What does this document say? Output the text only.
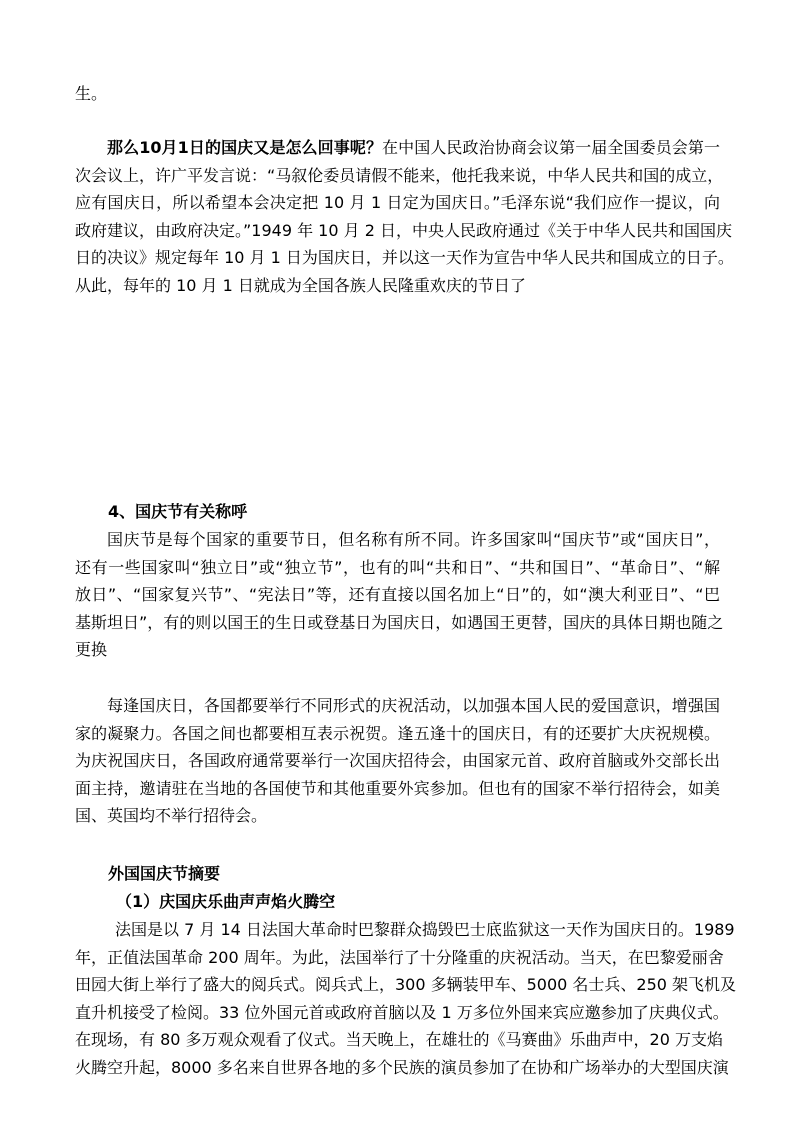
生。
那么10月1日的国庆又是怎么回事呢？在中国人民政治协商会议第一届全国委员会第一
次会议上，许广平发言说：“马叙伦委员请假不能来，他托我来说，中华人民共和国的成立，
应有国庆日，所以希望本会决定把 10 月 1 日定为国庆日。”毛泽东说“我们应作一提议，向
政府建议，由政府决定。”1949 年 10 月 2 日，中央人民政府通过《关于中华人民共和国国庆
日的决议》规定每年 10 月 1 日为国庆日，并以这一天作为宣告中华人民共和国成立的日子。
从此，每年的 10 月 1 日就成为全国各族人民隆重欢庆的节日了
4、国庆节有关称呼
国庆节是每个国家的重要节日，但名称有所不同。许多国家叫“国庆节”或“国庆日”，
还有一些国家叫“独立日”或“独立节”，也有的叫“共和日”、“共和国日”、“革命日”、“解
放日”、“国家复兴节”、“宪法日”等，还有直接以国名加上“日”的，如“澳大利亚日”、“巴
基斯坦日”，有的则以国王的生日或登基日为国庆日，如遇国王更替，国庆的具体日期也随之
更换
每逢国庆日，各国都要举行不同形式的庆祝活动，以加强本国人民的爱国意识，增强国
家的凝聚力。各国之间也都要相互表示祝贺。逢五逢十的国庆日，有的还要扩大庆祝规模。
为庆祝国庆日，各国政府通常要举行一次国庆招待会，由国家元首、政府首脑或外交部长出
面主持，邀请驻在当地的各国使节和其他重要外宾参加。但也有的国家不举行招待会，如美
国、英国均不举行招待会。
外国国庆节摘要
（1）庆国庆乐曲声声焰火腾空
法国是以 7 月 14 日法国大革命时巴黎群众捣毁巴士底监狱这一天作为国庆日的。1989
年，正值法国革命 200 周年。为此，法国举行了十分隆重的庆祝活动。当天，在巴黎爱丽舍
田园大街上举行了盛大的阅兵式。阅兵式上，300 多辆装甲车、5000 名士兵、250 架飞机及
直升机接受了检阅。33 位外国元首或政府首脑以及 1 万多位外国来宾应邀参加了庆典仪式。
在现场，有 80 多万观众观看了仪式。当天晚上，在雄壮的《马赛曲》乐曲声中，20 万支焰
火腾空升起，8000 多名来自世界各地的多个民族的演员参加了在协和广场举办的大型国庆演
